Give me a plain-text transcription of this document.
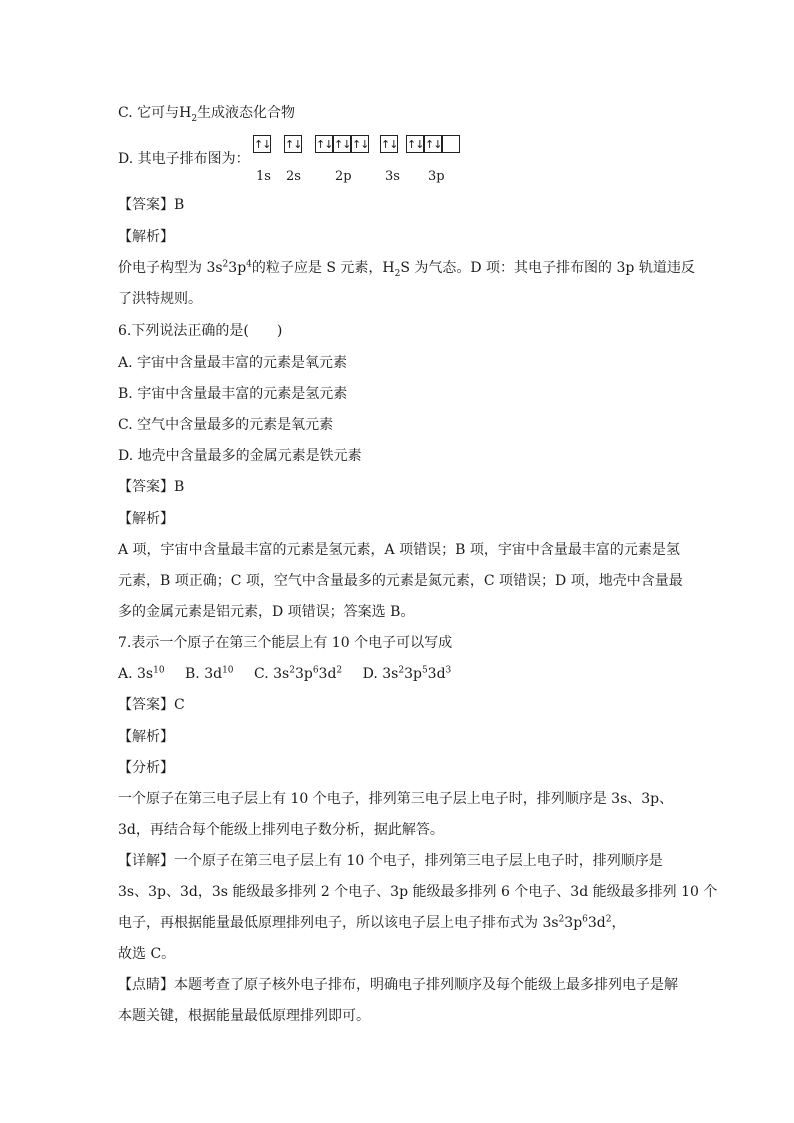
C. 它可与$H_2$生成液态化合物
D. 其电子排布图为：
↑↓ ↑↓ ↑↓ ↑↓ ↑↓ ↑↓ ↑↓ ↑↓
1s 2s	2p	3s 3p
【答案】B
【解析】
价电子构型为 $3s^23p^4$的粒子应是 S 元素，$H_2S$ 为气态。D 项：其电子排布图的 3p 轨道违反
了洪特规则。
6.下列说法正确的是(　　)
A. 宇宙中含量最丰富的元素是氧元素
B. 宇宙中含量最丰富的元素是氢元素
C. 空气中含量最多的元素是氧元素
D. 地壳中含量最多的金属元素是铁元素
【答案】B
【解析】
A 项，宇宙中含量最丰富的元素是氢元素，A 项错误；B 项，宇宙中含量最丰富的元素是氢
元素，B 项正确；C 项，空气中含量最多的元素是氮元素，C 项错误；D 项，地壳中含量最
多的金属元素是铝元素，D 项错误；答案选 B。
7.表示一个原子在第三个能层上有 10 个电子可以写成
A. $3s^{10}$ B. $3d^{10}$ C. $3s^23p^63d^2$ D. $3s^23p^53d^3$
【答案】C
【解析】
【分析】
一个原子在第三电子层上有 10 个电子，排列第三电子层上电子时，排列顺序是 3s、3p、
3d，再结合每个能级上排列电子数分析，据此解答。
【详解】一个原子在第三电子层上有 10 个电子，排列第三电子层上电子时，排列顺序是
3s、3p、3d，3s 能级最多排列 2 个电子、3p 能级最多排列 6 个电子、3d 能级最多排列 10 个
电子，再根据能量最低原理排列电子，所以该电子层上电子排布式为 $3s^23p^63d^2$，
故选 C。
【点睛】本题考查了原子核外电子排布，明确电子排列顺序及每个能级上最多排列电子是解
本题关键，根据能量最低原理排列即可。
